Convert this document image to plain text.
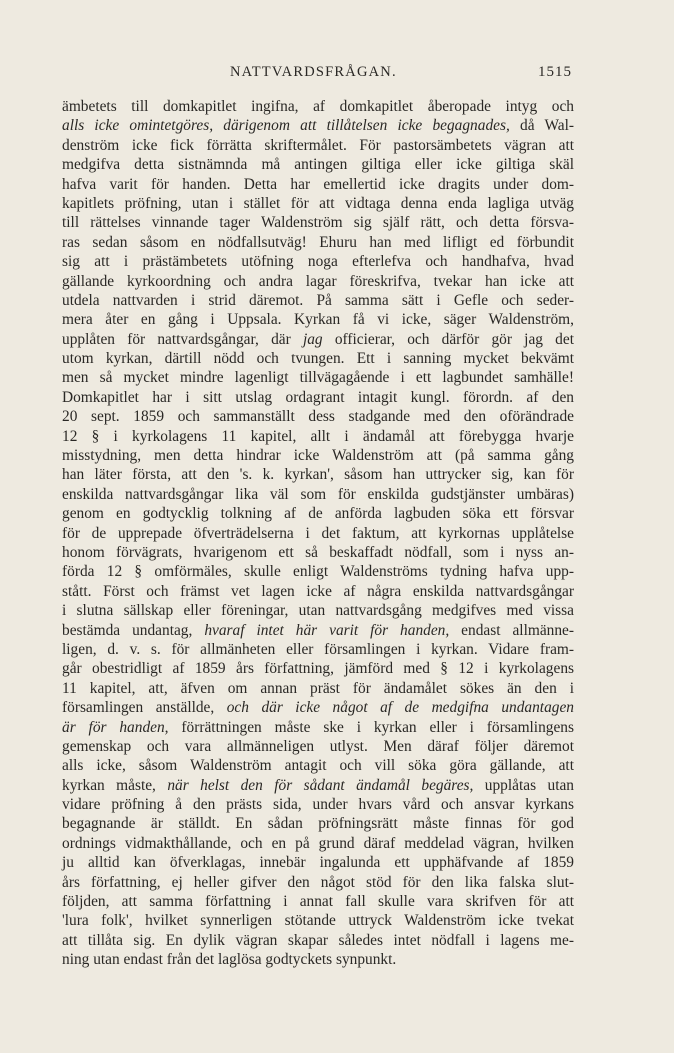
NATTVARDSFRÅGAN.	1515
ämbetets till domkapitlet ingifna, af domkapitlet åberopade intyg och
alls icke omintetgöres, därigenom att tillåtelsen icke begagnades, då Wal-
denström icke fick förrätta skriftermålet. För pastorsämbetets vägran att
medgifva detta sistnämnda må antingen giltiga eller icke giltiga skäl
hafva varit för handen. Detta har emellertid icke dragits under dom-
kapitlets pröfning, utan i stället för att vidtaga denna enda lagliga utväg
till rättelses vinnande tager Waldenström sig själf rätt, och detta försva-
ras sedan såsom en nödfallsutväg! Ehuru han med lifligt ed förbundit
sig att i prästämbetets utöfning noga efterlefva och handhafva, hvad
gällande kyrkoordning och andra lagar föreskrifva, tvekar han icke att
utdela nattvarden i strid däremot. På samma sätt i Gefle och seder-
mera åter en gång i Uppsala. Kyrkan få vi icke, säger Waldenström,
upplåten för nattvardsgångar, där jag officierar, och därför gör jag det
utom kyrkan, därtill nödd och tvungen. Ett i sanning mycket bekvämt
men så mycket mindre lagenligt tillvägagående i ett lagbundet samhälle!
Domkapitlet har i sitt utslag ordagrant intagit kungl. förordn. af den
20 sept. 1859 och sammanställt dess stadgande med den oförändrade
12 § i kyrkolagens 11 kapitel, allt i ändamål att förebygga hvarje
misstydning, men detta hindrar icke Waldenström att (på samma gång
han läter första, att den 's. k. kyrkan', såsom han uttrycker sig, kan för
enskilda nattvardsgångar lika väl som för enskilda gudstjänster umbäras)
genom en godtycklig tolkning af de anförda lagbuden söka ett försvar
för de upprepade öfverträdelserna i det faktum, att kyrkornas upplåtelse
honom förvägrats, hvarigenom ett så beskaffadt nödfall, som i nyss an-
förda 12 § omförmäles, skulle enligt Waldenströms tydning hafva upp-
stått. Först och främst vet lagen icke af några enskilda nattvardsgångar
i slutna sällskap eller föreningar, utan nattvardsgång medgifves med vissa
bestämda undantag, hvaraf intet här varit för handen, endast allmänne-
ligen, d. v. s. för allmänheten eller församlingen i kyrkan. Vidare fram-
går obestridligt af 1859 års författning, jämförd med § 12 i kyrkolagens
11 kapitel, att, äfven om annan präst för ändamålet sökes än den i
församlingen anställde, och där icke något af de medgifna undantagen
är för handen, förrättningen måste ske i kyrkan eller i församlingens
gemenskap och vara allmänneligen utlyst. Men däraf följer däremot
alls icke, såsom Waldenström antagit och vill söka göra gällande, att
kyrkan måste, när helst den för sådant ändamål begäres, upplåtas utan
vidare pröfning å den prästs sida, under hvars vård och ansvar kyrkans
begagnande är ställdt. En sådan pröfningsrätt måste finnas för god
ordnings vidmakthållande, och en på grund däraf meddelad vägran, hvilken
ju alltid kan öfverklagas, innebär ingalunda ett upphäfvande af 1859
års författning, ej heller gifver den något stöd för den lika falska slut-
följden, att samma författning i annat fall skulle vara skrifven för att
'lura folk', hvilket synnerligen stötande uttryck Waldenström icke tvekat
att tillåta sig. En dylik vägran skapar således intet nödfall i lagens me-
ning utan endast från det laglösa godtyckets synpunkt.
